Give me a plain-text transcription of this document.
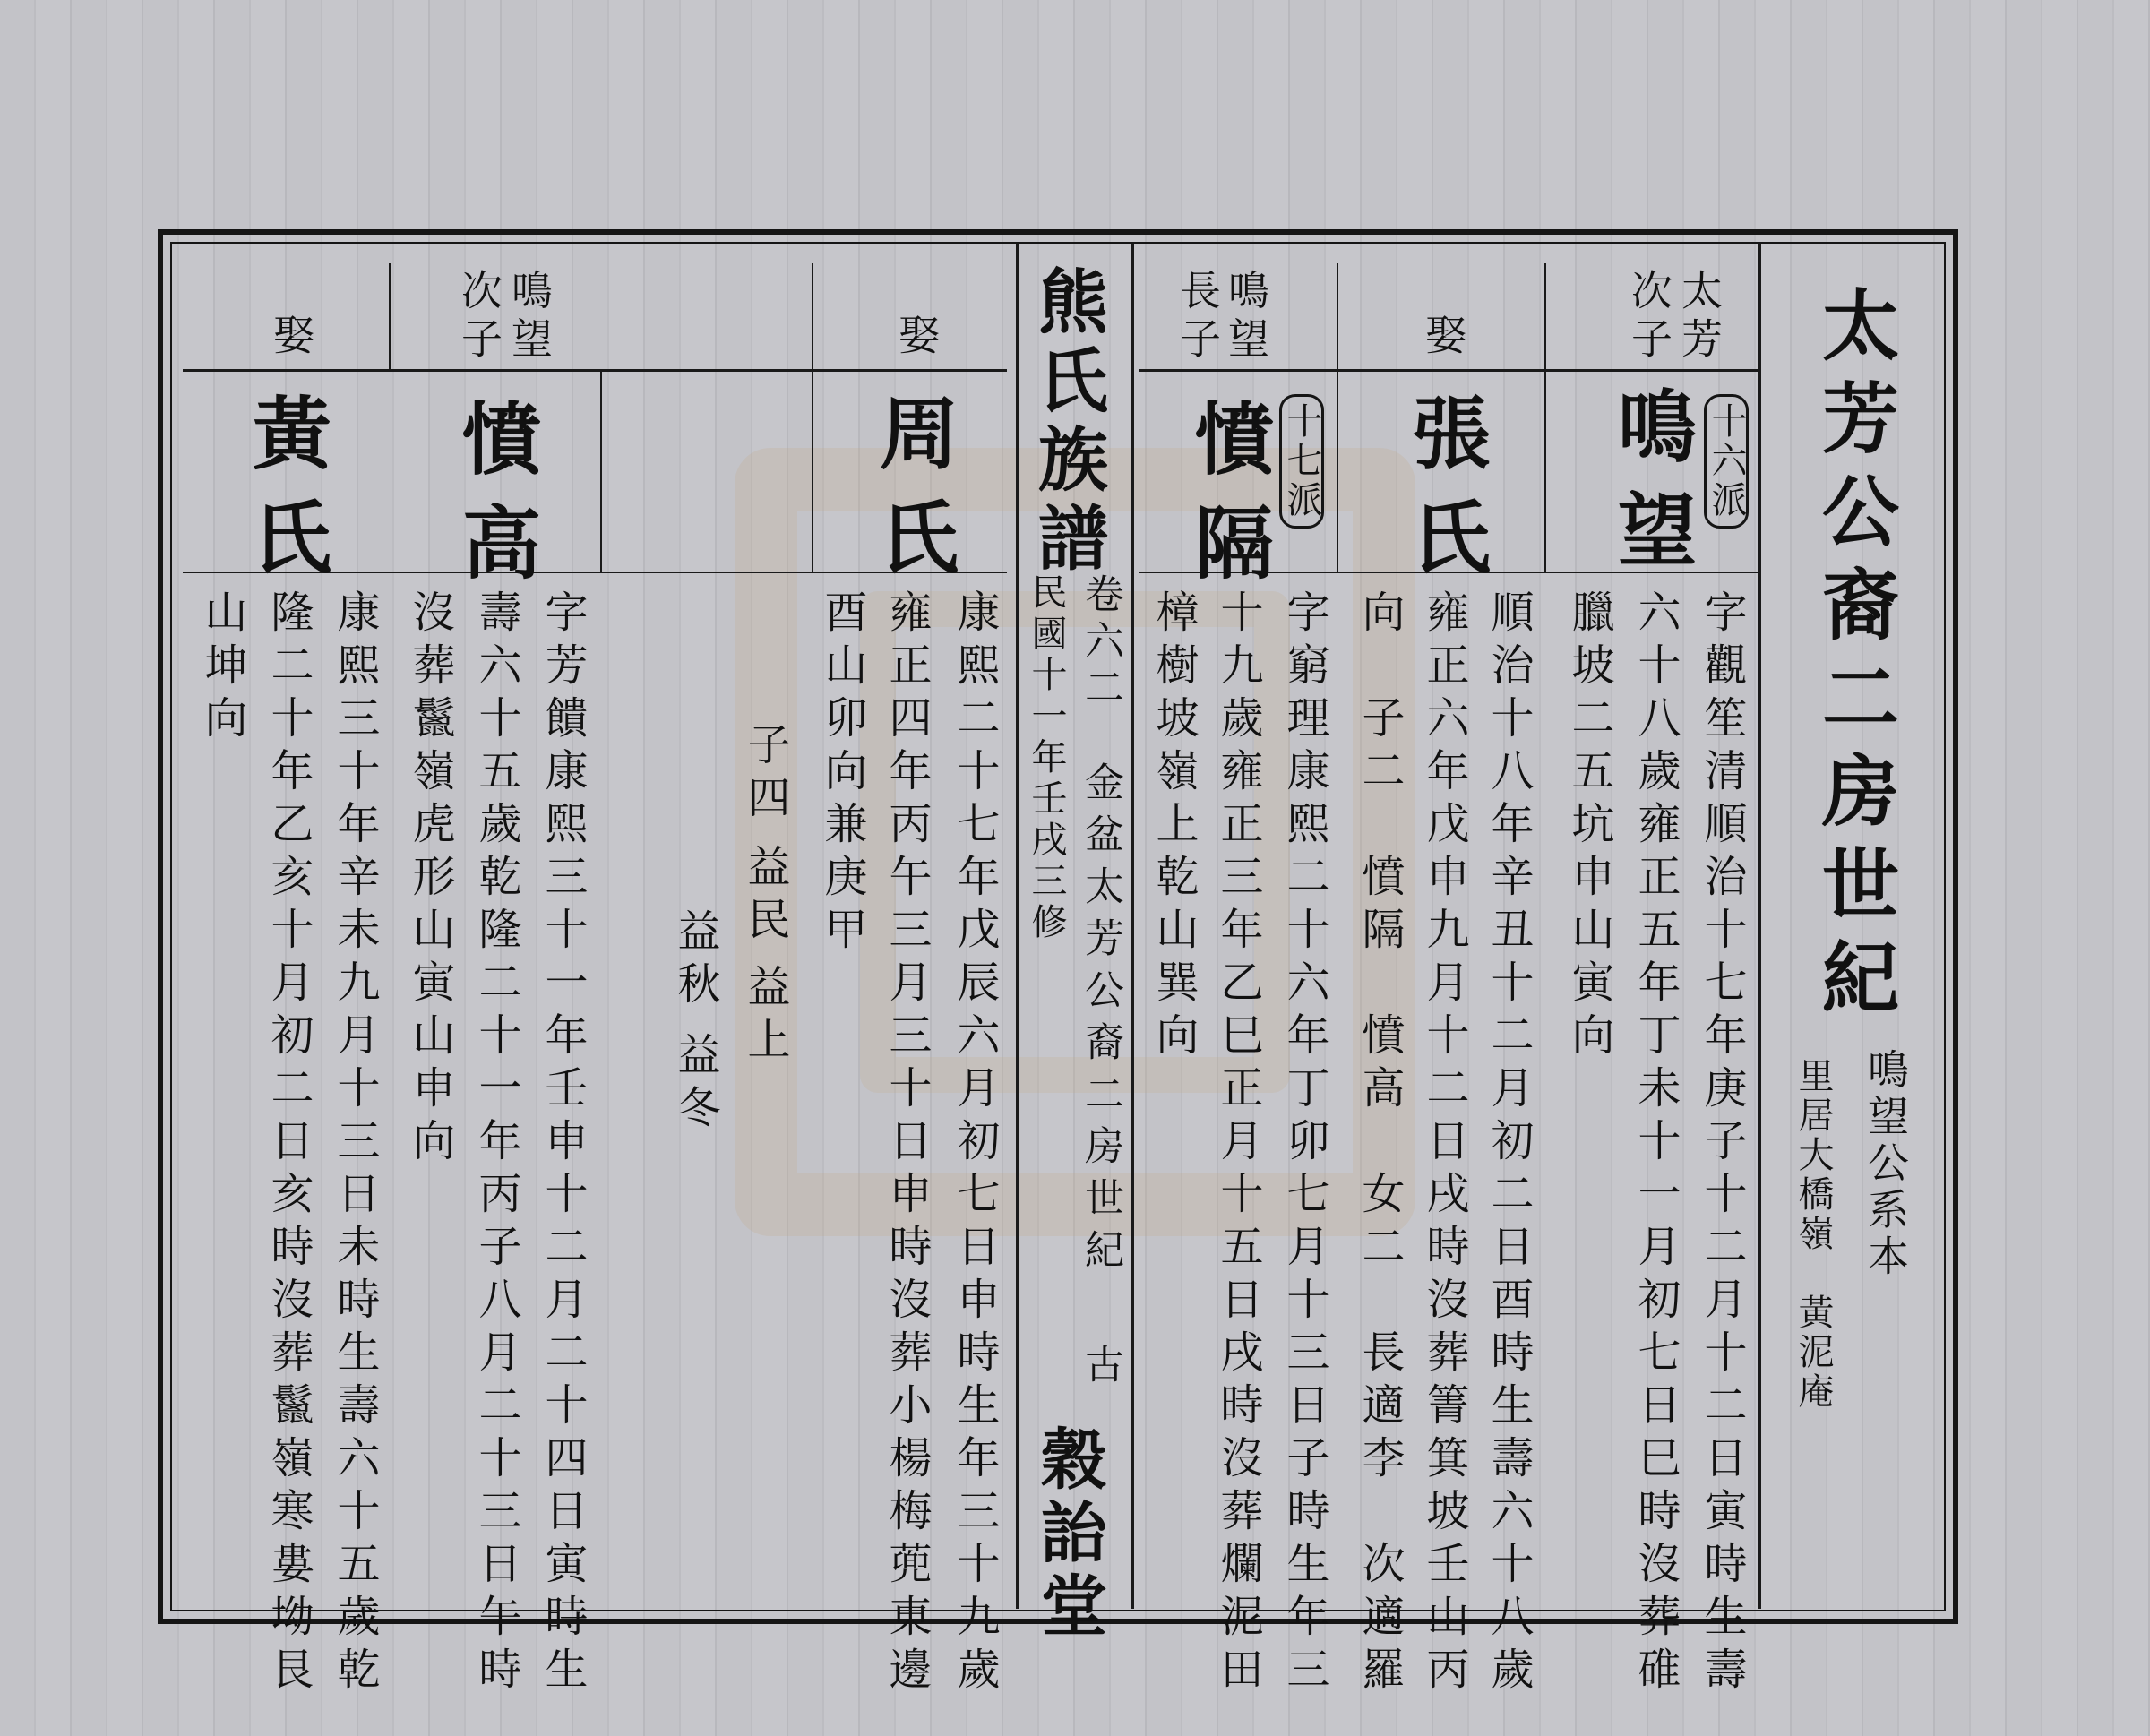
太芳公裔二房世紀
鳴望公系本
里居大橋嶺　黃泥庵
熊氏族譜
卷六二
金盆太芳公裔二房世紀
古
民國十一年壬戌三修
穀詒堂
太芳
次子
十六派
鳴望
字觀笙清順治十七年庚子十二月十二日寅時生壽
六十八歲雍正五年丁未十一月初七日巳時沒葬碓
臘坡二五坑申山寅向
娶
張氏
順治十八年辛丑十二月初二日酉時生壽六十八歲
雍正六年戊申九月十二日戌時沒葬箐箕坡壬山丙
向　子二　憤隔　憤高　女二　長適李　次適羅
鳴望
長子
十七派
憤隔
字窮理康熙二十六年丁卯七月十三日子時生年三
十九歲雍正三年乙巳正月十五日戌時沒葬爛泥田
樟樹坡嶺上乾山巽向
娶
周氏
康熙二十七年戊辰六月初七日申時生年三十九歲
雍正四年丙午三月三十日申時沒葬小楊梅蔸東邊
酉山卯向兼庚甲
子四
益民
益上
益秋
益冬
鳴望
次子
憤高
字芳饋康熙三十一年壬申十二月二十四日寅時生
壽六十五歲乾隆二十一年丙子八月二十三日午時
沒葬鬣嶺虎形山寅山申向
娶
黃氏
康熙三十年辛未九月十三日未時生壽六十五歲乾
隆二十年乙亥十月初二日亥時沒葬鬣嶺寒婁坳艮
山坤向
